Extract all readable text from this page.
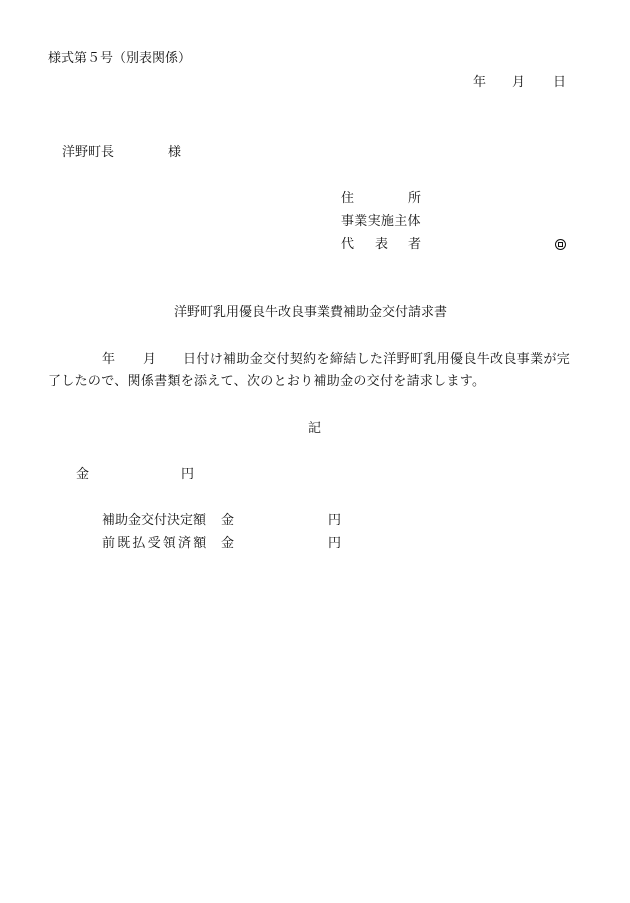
様式第５号（別表関係）
年 月 日
洋野町長	様
住	所
事業実施主体
代 表 者
洋野町乳用優良牛改良事業費補助金交付請求書
年 月 日付け補助金交付契約を締結した洋野町乳用優良牛改良事業が完
了したので、関係書類を添えて、次のとおり補助金の交付を請求します。
記
金	円
補助金交付決定額 金	円
前既払受領済額 金	円
